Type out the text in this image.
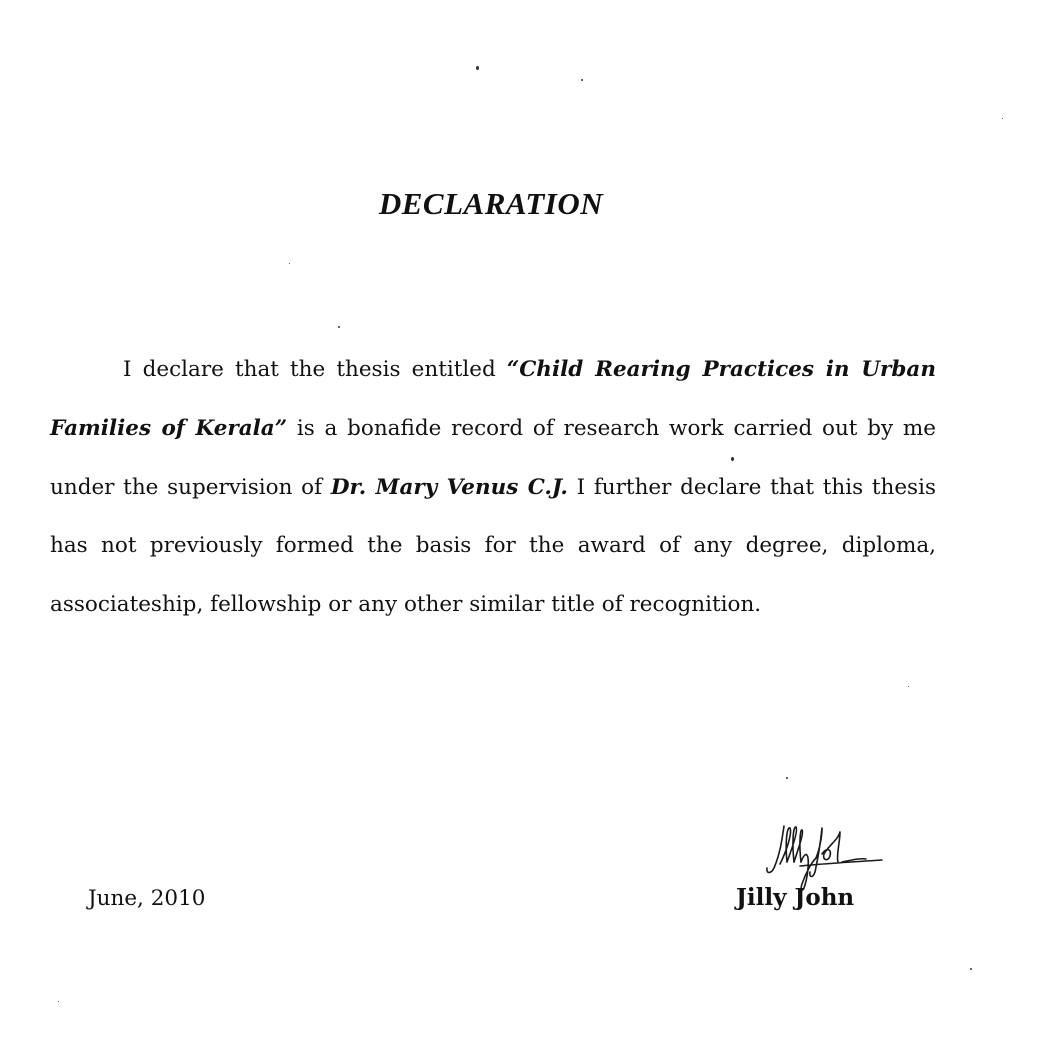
DECLARATION

I declare that the thesis entitled “Child Rearing Practices in Urban Families of Kerala” is a bonafide record of research work carried out by me under the supervision of Dr. Mary Venus C.J. I further declare that this thesis has not previously formed the basis for the award of any degree, diploma, associateship, fellowship or any other similar title of recognition.

June, 2010	Jilly John
